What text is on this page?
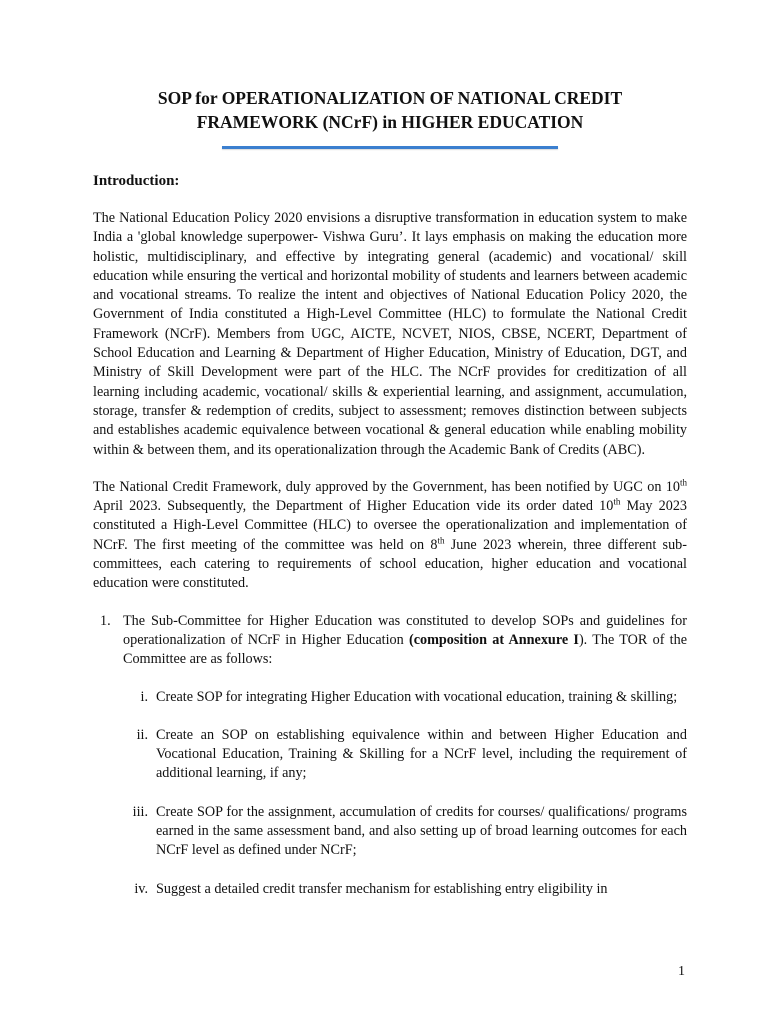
SOP for OPERATIONALIZATION OF NATIONAL CREDIT
FRAMEWORK (NCrF) in HIGHER EDUCATION
Introduction:

The National Education Policy 2020 envisions a disruptive transformation in education system to make India a 'global knowledge superpower- Vishwa Guru’. It lays emphasis on making the education more holistic, multidisciplinary, and effective by integrating general (academic) and vocational/ skill education while ensuring the vertical and horizontal mobility of students and learners between academic and vocational streams. To realize the intent and objectives of National Education Policy 2020, the Government of India constituted a High-Level Committee (HLC) to formulate the National Credit Framework (NCrF). Members from UGC, AICTE, NCVET, NIOS, CBSE, NCERT, Department of School Education and Learning & Department of Higher Education, Ministry of Education, DGT, and Ministry of Skill Development were part of the HLC. The NCrF provides for creditization of all learning including academic, vocational/ skills & experiential learning, and assignment, accumulation, storage, transfer & redemption of credits, subject to assessment; removes distinction between subjects and establishes academic equivalence between vocational & general education while enabling mobility within & between them, and its operationalization through the Academic Bank of Credits (ABC).

The National Credit Framework, duly approved by the Government, has been notified by UGC on 10th April 2023. Subsequently, the Department of Higher Education vide its order dated 10th May 2023 constituted a High-Level Committee (HLC) to oversee the operationalization and implementation of NCrF. The first meeting of the committee was held on 8th June 2023 wherein, three different sub-committees, each catering to requirements of school education, higher education and vocational education were constituted.

1. The Sub-Committee for Higher Education was constituted to develop SOPs and guidelines for operationalization of NCrF in Higher Education (composition at Annexure I). The TOR of the Committee are as follows:
i. Create SOP for integrating Higher Education with vocational education, training & skilling;
ii. Create an SOP on establishing equivalence within and between Higher Education and Vocational Education, Training & Skilling for a NCrF level, including the requirement of additional learning, if any;
iii. Create SOP for the assignment, accumulation of credits for courses/ qualifications/ programs earned in the same assessment band, and also setting up of broad learning outcomes for each NCrF level as defined under NCrF;
iv. Suggest a detailed credit transfer mechanism for establishing entry eligibility in
1
